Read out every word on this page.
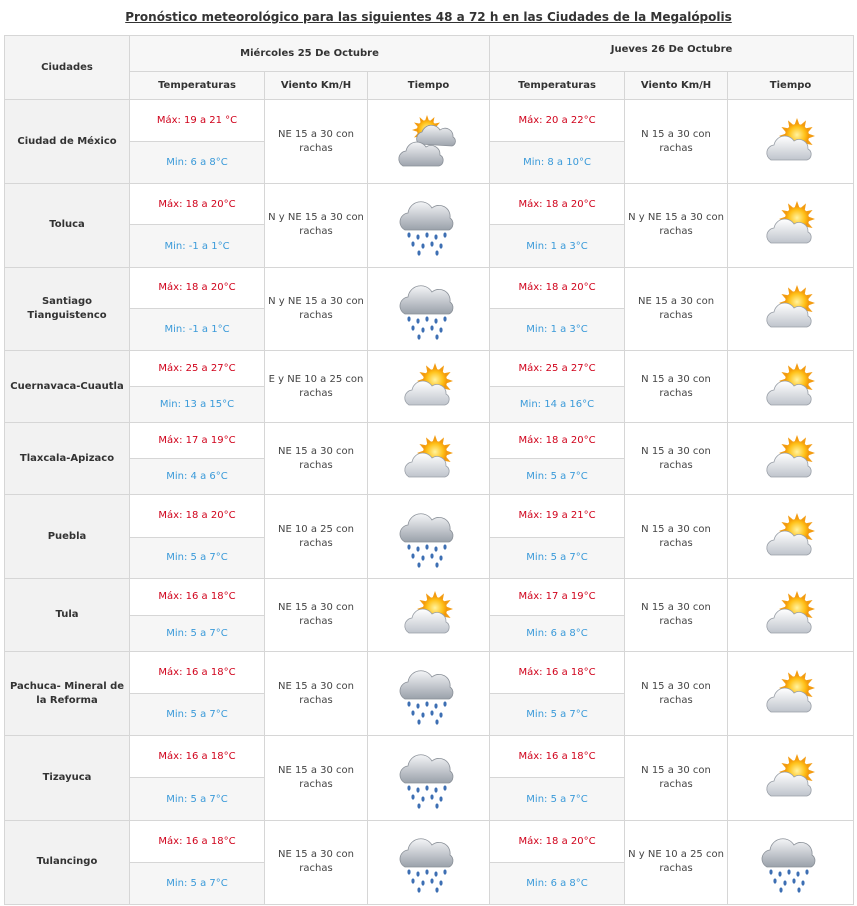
Pronóstico meteorológico para las siguientes 48 a 72 h en las Ciudades de la Megalópolis
Ciudades	Miércoles 25 De Octubre			Jueves 26 De Octubre		
	Temperaturas	Viento Km/H	Tiempo	Temperaturas	Viento Km/H	Tiempo
Ciudad de México	Máx: 19 a 21 °C	NE 15 a 30 con rachas		Máx: 20 a 22°C	N 15 a 30 con rachas	
	Min: 6 a 8°C			Min: 8 a 10°C		
Toluca	Máx: 18 a 20°C	N y NE 15 a 30 con rachas		Máx: 18 a 20°C	N y NE 15 a 30 con rachas	
	Min: -1 a 1°C			Min: 1 a 3°C		
Santiago Tianguistenco	Máx: 18 a 20°C	N y NE 15 a 30 con rachas		Máx: 18 a 20°C	NE 15 a 30 con rachas	
	Min: -1 a 1°C			Min: 1 a 3°C		
Cuernavaca-Cuautla	Máx: 25 a 27°C	E y NE 10 a 25 con rachas		Máx: 25 a 27°C	N 15 a 30 con rachas	
	Min: 13 a 15°C			Min: 14 a 16°C		
Tlaxcala-Apizaco	Máx: 17 a 19°C	NE 15 a 30 con rachas		Máx: 18 a 20°C	N 15 a 30 con rachas	
	Min: 4 a 6°C			Min: 5 a 7°C		
Puebla	Máx: 18 a 20°C	NE 10 a 25 con rachas		Máx: 19 a 21°C	N 15 a 30 con rachas	
	Min: 5 a 7°C			Min: 5 a 7°C		
Tula	Máx: 16 a 18°C	NE 15 a 30 con rachas		Máx: 17 a 19°C	N 15 a 30 con rachas	
	Min: 5 a 7°C			Min: 6 a 8°C		
Pachuca- Mineral de la Reforma	Máx: 16 a 18°C	NE 15 a 30 con rachas		Máx: 16 a 18°C	N 15 a 30 con rachas	
	Min: 5 a 7°C			Min: 5 a 7°C		
Tizayuca	Máx: 16 a 18°C	NE 15 a 30 con rachas		Máx: 16 a 18°C	N 15 a 30 con rachas	
	Min: 5 a 7°C			Min: 5 a 7°C		
Tulancingo	Máx: 16 a 18°C	NE 15 a 30 con rachas		Máx: 18 a 20°C	N y NE 10 a 25 con rachas	
	Min: 5 a 7°C			Min: 6 a 8°C		
